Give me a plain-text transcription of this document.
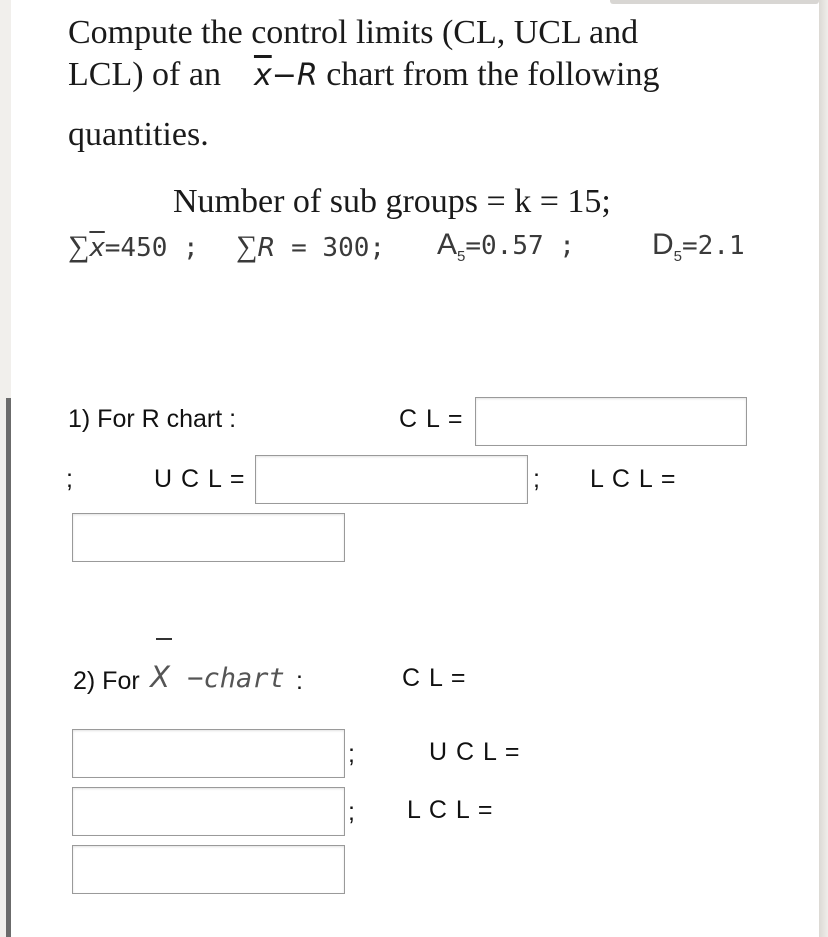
Compute the control limits (CL, UCL and
LCL) of an $\overline{x}-R$ chart from the following
quantities.
Number of sub groups = k = 15;
$\sum\overline{x}=450$ ; ∑R = 300; $A_5=0.57$ ;	$D_5=2.1$
1) For R chart :	C L =
;	U C L =	; L C L =
2) For X −chart :	C L =
;	U C L =
; L C L =
